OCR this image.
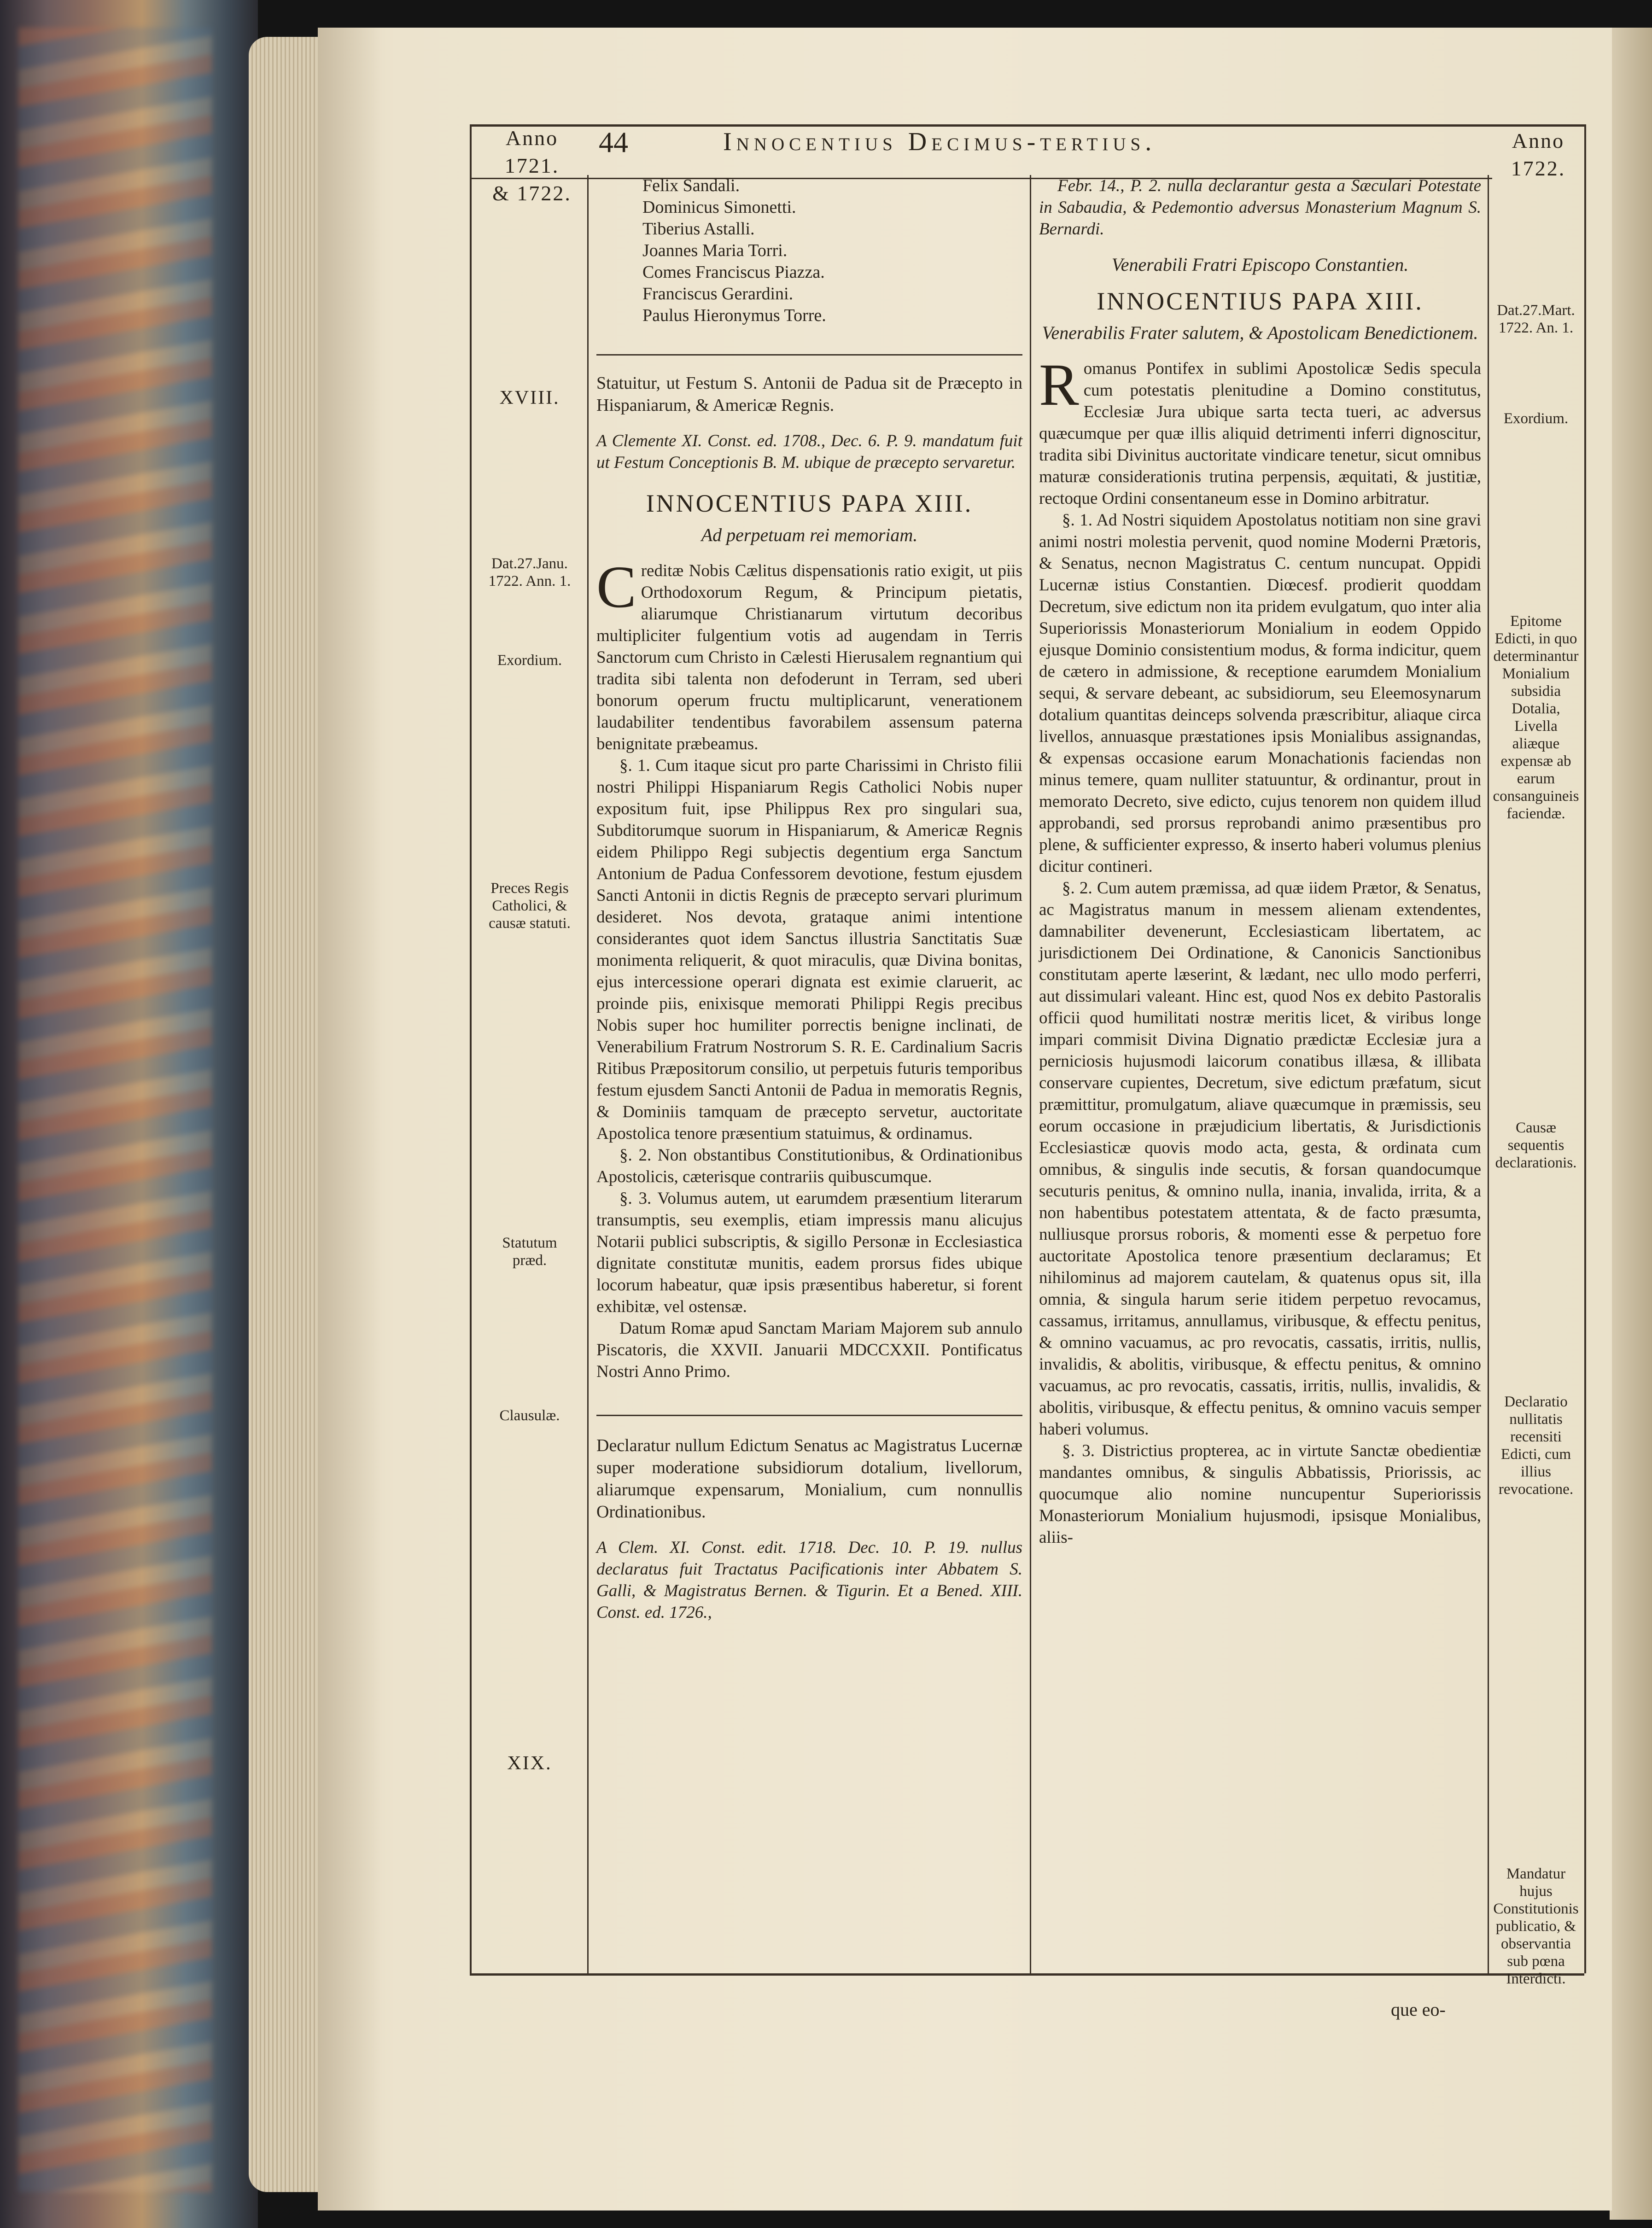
Anno
1721.
& 1722.
44	Innocentius Decimus-tertius.	Anno
1722.
Felix Sandali.
Dominicus Simonetti.
Tiberius Astalli.
Joannes Maria Torri.
Comes Franciscus Piazza.
Franciscus Gerardini.
Paulus Hieronymus Torre.

Statuitur, ut Festum S. Antonii de Padua sit de Præcepto in Hispaniarum, & Americæ Regnis.

A Clemente XI. Const. ed. 1708., Dec. 6. P. 9. mandatum fuit ut Festum Conceptionis B. M. ubique de præcepto servaretur.

INNOCENTIUS PAPA XIII.
Ad perpetuam rei memoriam.

Creditæ Nobis Cælitus dispensationis ratio exigit, ut piis Orthodoxorum Regum, & Principum pietatis, aliarumque Christianarum virtutum decoribus multipliciter fulgentium votis ad augendam in Terris Sanctorum cum Christo in Cælesti Hierusalem regnantium qui tradita sibi talenta non defoderunt in Terram, sed uberi bonorum operum fructu multiplicarunt, venerationem laudabiliter tendentibus favorabilem assensum paterna benignitate præbeamus.

§. 1. Cum itaque sicut pro parte Charissimi in Christo filii nostri Philippi Hispaniarum Regis Catholici Nobis nuper expositum fuit, ipse Philippus Rex pro singulari sua, Subditorumque suorum in Hispaniarum, & Americæ Regnis eidem Philippo Regi subjectis degentium erga Sanctum Antonium de Padua Confessorem devotione, festum ejusdem Sancti Antonii in dictis Regnis de præcepto servari plurimum desideret. Nos devota, grataque animi intentione considerantes quot idem Sanctus illustria Sanctitatis Suæ monimenta reliquerit, & quot miraculis, quæ Divina bonitas, ejus intercessione operari dignata est eximie claruerit, ac proinde piis, enixisque memorati Philippi Regis precibus Nobis super hoc humiliter porrectis benigne inclinati, de Venerabilium Fratrum Nostrorum S. R. E. Cardinalium Sacris Ritibus Præpositorum consilio, ut perpetuis futuris temporibus festum ejusdem Sancti Antonii de Padua in memoratis Regnis, & Dominiis tamquam de præcepto servetur, auctoritate Apostolica tenore præsentium statuimus, & ordinamus.

§. 2. Non obstantibus Constitutionibus, & Ordinationibus Apostolicis, cæterisque contrariis quibuscumque.

§. 3. Volumus autem, ut earumdem præsentium literarum transumptis, seu exemplis, etiam impressis manu alicujus Notarii publici subscriptis, & sigillo Personæ in Ecclesiastica dignitate constitutæ munitis, eadem prorsus fides ubique locorum habeatur, quæ ipsis præsentibus haberetur, si forent exhibitæ, vel ostensæ.

Datum Romæ apud Sanctam Mariam Majorem sub annulo Piscatoris, die XXVII. Januarii MDCCXXII. Pontificatus Nostri Anno Primo.

Declaratur nullum Edictum Senatus ac Magistratus Lucernæ super moderatione subsidiorum dotalium, livellorum, aliarumque expensarum, Monialium, cum nonnullis Ordinationibus.

A Clem. XI. Const. edit. 1718. Dec. 10. P. 19. nullus declaratus fuit Tractatus Pacificationis inter Abbatem S. Galli, & Magistratus Bernen. & Tigurin. Et a Bened. XIII. Const. ed. 1726.,

Febr. 14., P. 2. nulla declarantur gesta a Sæculari Potestate in Sabaudia, & Pedemontio adversus Monasterium Magnum S. Bernardi.

Venerabili Fratri Episcopo Constantien.
INNOCENTIUS PAPA XIII.
Venerabilis Frater salutem, & Apostolicam Benedictionem.

Romanus Pontifex in sublimi Apostolicæ Sedis specula cum potestatis plenitudine a Domino constitutus, Ecclesiæ Jura ubique sarta tecta tueri, ac adversus quæcumque per quæ illis aliquid detrimenti inferri dignoscitur, tradita sibi Divinitus auctoritate vindicare tenetur, sicut omnibus maturæ considerationis trutina perpensis, æquitati, & justitiæ, rectoque Ordini consentaneum esse in Domino arbitratur.

§. 1. Ad Nostri siquidem Apostolatus notitiam non sine gravi animi nostri molestia pervenit, quod nomine Moderni Prætoris, & Senatus, necnon Magistratus C. centum nuncupat. Oppidi Lucernæ istius Constantien. Diœcesf. prodierit quoddam Decretum, sive edictum non ita pridem evulgatum, quo inter alia Superiorissis Monasteriorum Monialium in eodem Oppido ejusque Dominio consistentium modus, & forma indicitur, quem de cætero in admissione, & receptione earumdem Monialium sequi, & servare debeant, ac subsidiorum, seu Eleemosynarum dotalium quantitas deinceps solvenda præscribitur, aliaque circa livellos, annuasque præstationes ipsis Monialibus assignandas, & expensas occasione earum Monachationis faciendas non minus temere, quam nulliter statuuntur, & ordinantur, prout in memorato Decreto, sive edicto, cujus tenorem non quidem illud approbandi, sed prorsus reprobandi animo præsentibus pro plene, & sufficienter expresso, & inserto haberi volumus plenius dicitur contineri.

§. 2. Cum autem præmissa, ad quæ iidem Prætor, & Senatus, ac Magistratus manum in messem alienam extendentes, damnabiliter devenerunt, Ecclesiasticam libertatem, ac jurisdictionem Dei Ordinatione, & Canonicis Sanctionibus constitutam aperte læserint, & lædant, nec ullo modo perferri, aut dissimulari valeant. Hinc est, quod Nos ex debito Pastoralis officii quod humilitati nostræ meritis licet, & viribus longe impari commisit Divina Dignatio prædictæ Ecclesiæ jura a perniciosis hujusmodi laicorum conatibus illæsa, & illibata conservare cupientes, Decretum, sive edictum præfatum, sicut præmittitur, promulgatum, aliave quæcumque in præmissis, seu eorum occasione in præjudicium libertatis, & Jurisdictionis Ecclesiasticæ quovis modo acta, gesta, & ordinata cum omnibus, & singulis inde secutis, & forsan quandocumque secuturis penitus, & omnino nulla, inania, invalida, irrita, & a non habentibus potestatem attentata, & de facto præsumta, nulliusque prorsus roboris, & momenti esse & perpetuo fore auctoritate Apostolica tenore præsentium declaramus; Et nihilominus ad majorem cautelam, & quatenus opus sit, illa omnia, & singula harum serie itidem perpetuo revocamus, cassamus, irritamus, annullamus, viribusque, & effectu penitus, & omnino vacuamus, ac pro revocatis, cassatis, irritis, nullis, invalidis, & abolitis, viribusque, & effectu penitus, & omnino vacuamus, ac pro revocatis, cassatis, irritis, nullis, invalidis, & abolitis, viribusque, & effectu penitus, & omnino vacuis semper haberi volumus.

§. 3. Districtius propterea, ac in virtute Sanctæ obedientiæ mandantes omnibus, & singulis Abbatissis, Priorissis, ac quocumque alio nomine nuncupentur Superiorissis Monasteriorum Monialium hujusmodi, ipsisque Monialibus, aliis-

que eo-
XVIII.
Dat.27.Janu. 1722. Ann. 1.
Exordium.
Preces Regis Catholici, & causæ statuti.
Statutum præd.
Clausulæ.
XIX.
Dat.27.Mart. 1722. An. 1.
Exordium.
Epitome Edicti, in quo determinantur Monialium subsidia Dotalia, Livella aliæque expensæ ab earum consanguineis faciendæ.
Causæ sequentis declarationis.
Declaratio nullitatis recensiti Edicti, cum illius revocatione.
Mandatur hujus Constitutionis publicatio, & observantia sub pœna Interdicti.
